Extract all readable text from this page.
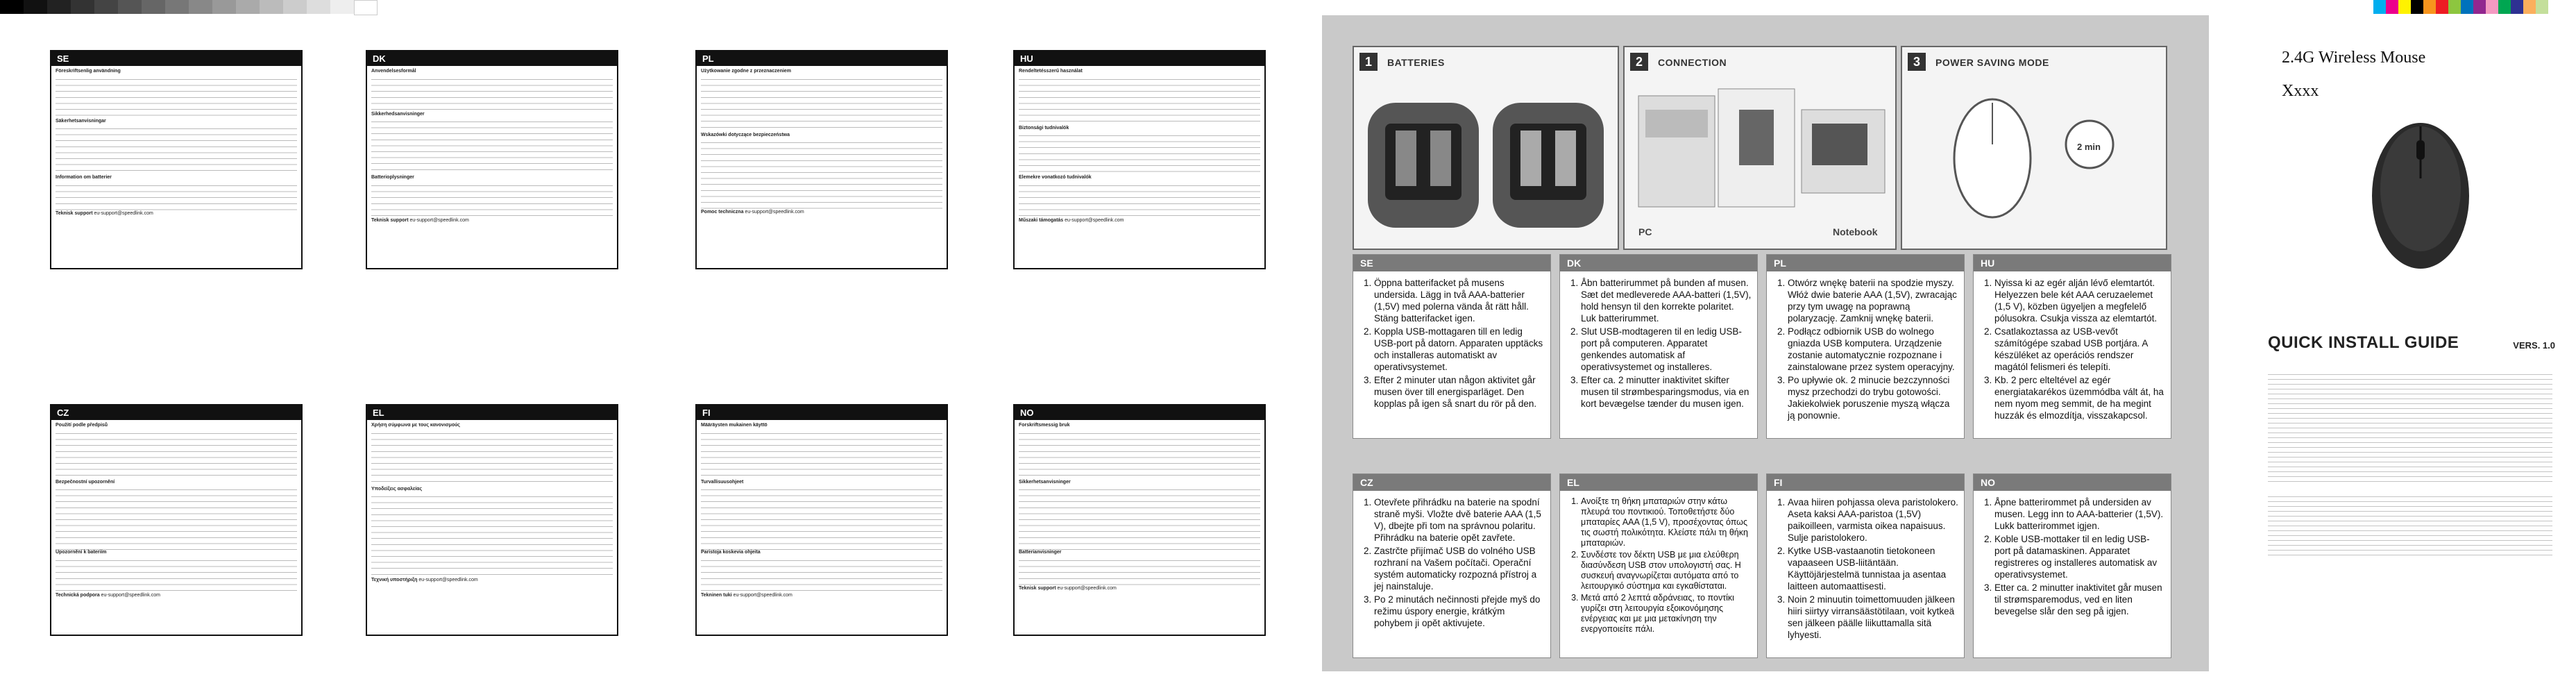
SE

Föreskriftsenlig användning

Säkerhetsanvisningar

Information om batterier

Teknisk support eu-support@speedlink.com

DK

Anvendelsesformål

Sikkerhedsanvisninger

Batterioplysninger

Teknisk support eu-support@speedlink.com

PL

Użytkowanie zgodne z przeznaczeniem

Wskazówki dotyczące bezpieczeństwa

Pomoc techniczna eu-support@speedlink.com

HU

Rendeltetésszerű használat

Biztonsági tudnivalók

Elemekre vonatkozó tudnivalók

Műszaki támogatás eu-support@speedlink.com

CZ

Použití podle předpisů

Bezpečnostní upozornění

Upozornění k bateriím

Technická podpora eu-support@speedlink.com

EL

Χρήση σύμφωνα με τους κανονισμούς

Υποδείξεις ασφαλείας

Τεχνική υποστήριξη eu-support@speedlink.com

FI

Määräysten mukainen käyttö

Turvallisuusohjeet

Paristoja koskevia ohjeita

Tekninen tuki eu-support@speedlink.com

NO

Forskriftsmessig bruk

Sikkerhetsanvisninger

Batterianvisninger

Teknisk support eu-support@speedlink.com

1	BATTERIES	2	CONNECTION
PC	Notebook
3	POWER SAVING MODE
2 min
SE
1. Öppna batterifacket på musens undersida. Lägg in två AAA-batterier (1,5V) med polerna vända åt rätt håll. Stäng batterifacket igen.
2. Koppla USB-mottagaren till en ledig USB-port på datorn. Apparaten upptäcks och installeras automatiskt av operativsystemet.
3. Efter 2 minuter utan någon aktivitet går musen över till energisparläget. Den kopplas på igen så snart du rör på den.
DK
1. Åbn batterirummet på bunden af musen. Sæt det medleverede AAA-batteri (1,5V), hold hensyn til den korrekte polaritet. Luk batterirummet.
2. Slut USB-modtageren til en ledig USB-port på computeren. Apparatet genkendes automatisk af operativsystemet og installeres.
3. Efter ca. 2 minutter inaktivitet skifter musen til strømbesparingsmodus, via en kort bevægelse tænder du musen igen.
PL
1. Otwórz wnękę baterii na spodzie myszy. Włóż dwie baterie AAA (1,5V), zwracając przy tym uwagę na poprawną polaryzację. Zamknij wnękę baterii.
2. Podłącz odbiornik USB do wolnego gniazda USB komputera. Urządzenie zostanie automatycznie rozpoznane i zainstalowane przez system operacyjny.
3. Po upływie ok. 2 minucie bezczynności mysz przechodzi do trybu gotowości. Jakiekolwiek poruszenie myszą włącza ją ponownie.
HU
1. Nyissa ki az egér alján lévő elemtartót. Helyezzen bele két AAA ceruzaelemet (1,5 V), közben ügyeljen a megfelelő pólusokra. Csukja vissza az elemtartót.
2. Csatlakoztassa az USB-vevőt számítógépe szabad USB portjára. A készüléket az operációs rendszer magától felismeri és telepíti.
3. Kb. 2 perc elteltével az egér energiatakarékos üzemmódba vált át, ha nem nyom meg semmit, de ha megint huzzák és elmozdítja, visszakapcsol.
CZ
1. Otevřete přihrádku na baterie na spodní straně myši. Vložte dvě baterie AAA (1,5 V), dbejte při tom na správnou polaritu. Přihrádku na baterie opět zavřete.
2. Zastrčte přijímač USB do volného USB rozhraní na Vašem počítači. Operační systém automaticky rozpozná přístroj a jej nainstaluje.
3. Po 2 minutách nečinnosti přejde myš do režimu úspory energie, krátkým pohybem ji opět aktivujete.
EL
1. Ανοίξτε τη θήκη μπαταριών στην κάτω πλευρά του ποντικιού. Τοποθετήστε δύο μπαταρίες AAA (1,5 V), προσέχοντας όπως τις σωστή πολικότητα. Κλείστε πάλι τη θήκη μπαταριών.
2. Συνδέστε τον δέκτη USB με μια ελεύθερη διασύνδεση USB στον υπολογιστή σας. Η συσκευή αναγνωρίζεται αυτόματα από το λειτουργικό σύστημα και εγκαθίσταται.
3. Μετά από 2 λεπτά αδράνειας, το ποντίκι γυρίζει στη λειτουργία εξοικονόμησης ενέργειας και με μια μετακίνηση την ενεργοποιείτε πάλι.
FI
1. Avaa hiiren pohjassa oleva paristolokero. Aseta kaksi AAA-paristoa (1,5V) paikoilleen, varmista oikea napaisuus. Sulje paristolokero.
2. Kytke USB-vastaanotin tietokoneen vapaaseen USB-liitäntään. Käyttöjärjestelmä tunnistaa ja asentaa laitteen automaattisesti.
3. Noin 2 minuutin toimettomuuden jälkeen hiiri siirtyy virransäästötilaan, voit kytkeä sen jälkeen päälle liikuttamalla sitä lyhyesti.
NO
1. Åpne batterirommet på undersiden av musen. Legg inn to AAA-batterier (1,5V). Lukk batterirommet igjen.
2. Koble USB-mottaker til en ledig USB-port på datamaskinen. Apparatet registreres og installeres automatisk av operativsystemet.
3. Etter ca. 2 minutter inaktivitet går musen til strømsparemodus, ved en liten bevegelse slår den seg på igjen.
2.4G Wireless Mouse
Xxxx
QUICK INSTALL GUIDE	VERS. 1.0
